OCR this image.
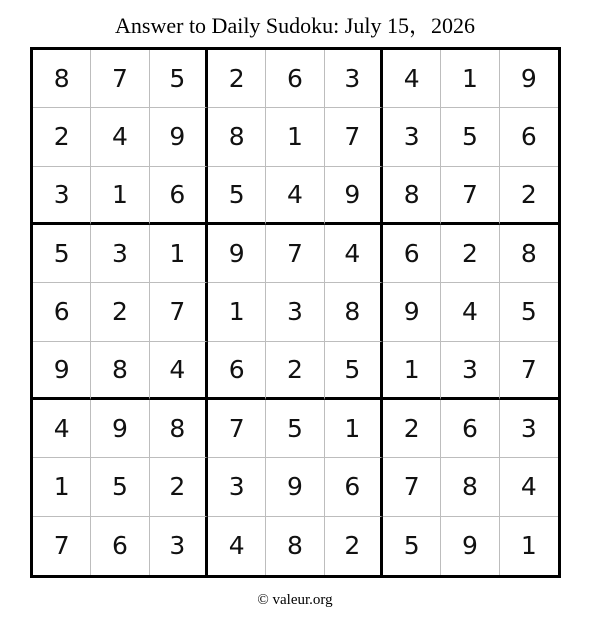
Answer to Daily Sudoku: July 15，2026
8	7	5	2	6	3	4	1	9
2	4	9	8	1	7	3	5	6
3	1	6	5	4	9	8	7	2
5	3	1	9	7	4	6	2	8
6	2	7	1	3	8	9	4	5
9	8	4	6	2	5	1	3	7
4	9	8	7	5	1	2	6	3
1	5	2	3	9	6	7	8	4
7	6	3	4	8	2	5	9	1
© valeur.org
